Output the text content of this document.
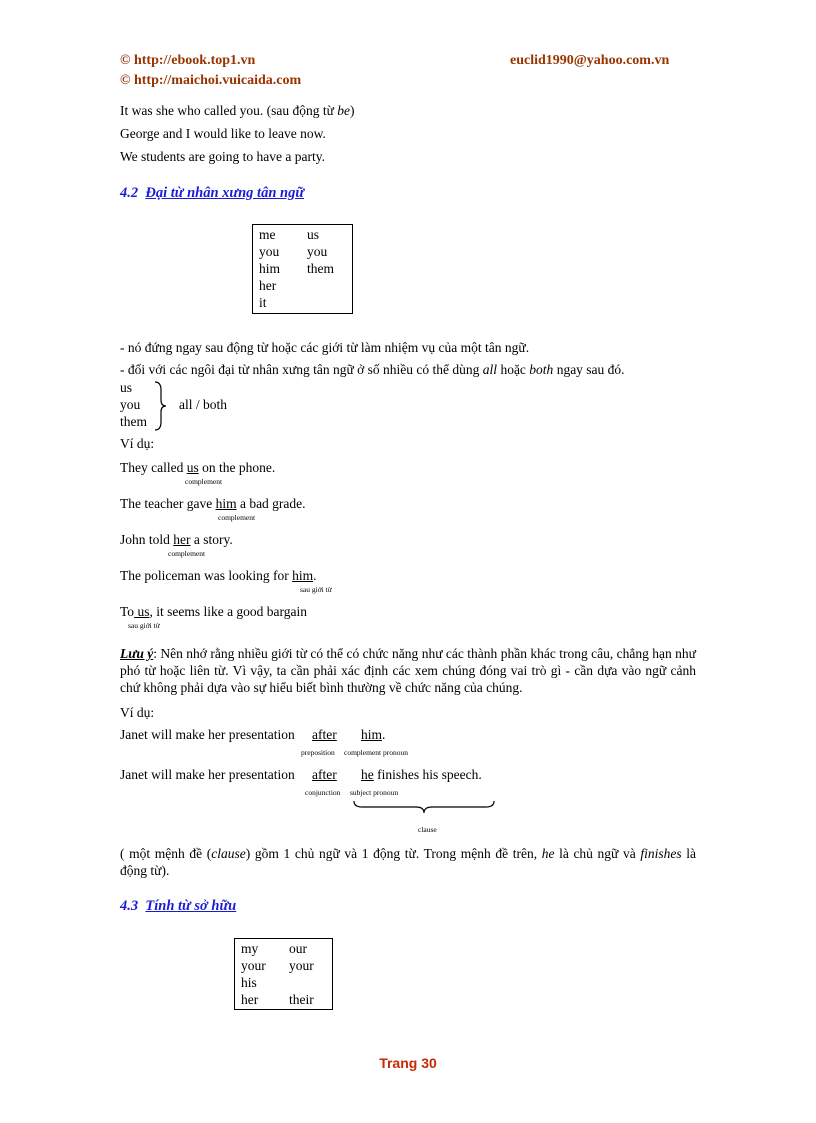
© http://ebook.top1.vn
© http://maichoi.vuicaida.com
euclid1990@yahoo.com.vn
It was she who called you. (sau động từ be)
George and I would like to leave now.
We students are going to have a party.
4.2 Đại từ nhân xưng tân ngữ
me
you
him
her
it
us
you
them
- nó đứng ngay sau động từ hoặc các giới từ làm nhiệm vụ của một tân ngữ.
- đối với các ngôi đại từ nhân xưng tân ngữ ở số nhiều có thể dùng all hoặc both ngay sau đó.
us
you
them
all / both
Ví dụ:
They called us on the phone.
complement
The teacher gave him a bad grade.
complement
John told her a story.
complement
The policeman was looking for him.
sau giới từ
To us, it seems like a good bargain
sau giới từ
Lưu ý: Nên nhớ rằng nhiều giới từ có thể có chức năng như các thành phần khác trong câu, chẳng hạn như phó từ hoặc liên từ. Vì vậy, ta cần phải xác định các xem chúng đóng vai trò gì - cần dựa vào ngữ cảnh chứ không phải dựa vào sự hiểu biết bình thường về chức năng của chúng.
Ví dụ:
Janet will make her presentation after him.
preposition complement pronoun
Janet will make her presentation after he finishes his speech.
conjunction subject pronoun
clause
( một mệnh đề (clause) gồm 1 chủ ngữ và 1 động từ. Trong mệnh đề trên, he là chủ ngữ và finishes là động từ).
4.3 Tính từ sở hữu
my
your
his
her
our
your
their
Trang 30
